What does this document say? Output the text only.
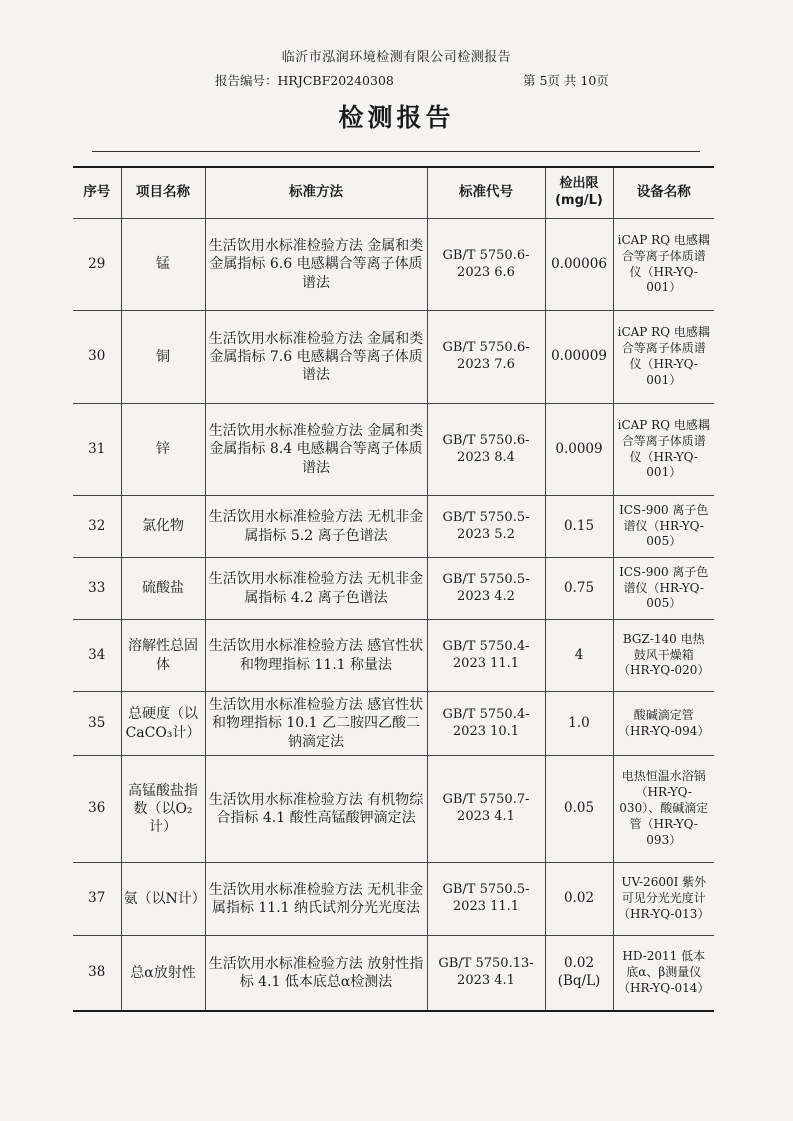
临沂市泓润环境检测有限公司检测报告
报告编号：HRJCBF20240308	第 5页 共 10页
检测报告
序号	项目名称	标准方法	标准代号	检出限 (mg/L)	设备名称
29	锰	生活饮用水标准检验方法 金属和类金属指标 6.6 电感耦合等离子体质谱法	GB/T 5750.6-2023 6.6	0.00006	iCAP RQ 电感耦合等离子体质谱仪（HR-YQ-001）
30	铜	生活饮用水标准检验方法 金属和类金属指标 7.6 电感耦合等离子体质谱法	GB/T 5750.6-2023 7.6	0.00009	iCAP RQ 电感耦合等离子体质谱仪（HR-YQ-001）
31	锌	生活饮用水标准检验方法 金属和类金属指标 8.4 电感耦合等离子体质谱法	GB/T 5750.6-2023 8.4	0.0009	iCAP RQ 电感耦合等离子体质谱仪（HR-YQ-001）
32	氯化物	生活饮用水标准检验方法 无机非金属指标 5.2 离子色谱法	GB/T 5750.5-2023 5.2	0.15	ICS-900 离子色谱仪（HR-YQ-005）
33	硫酸盐	生活饮用水标准检验方法 无机非金属指标 4.2 离子色谱法	GB/T 5750.5-2023 4.2	0.75	ICS-900 离子色谱仪（HR-YQ-005）
34	溶解性总固体	生活饮用水标准检验方法 感官性状和物理指标 11.1 称量法	GB/T 5750.4-2023 11.1	4	BGZ-140 电热鼓风干燥箱（HR-YQ-020）
35	总硬度（以CaCO₃计）	生活饮用水标准检验方法 感官性状和物理指标 10.1 乙二胺四乙酸二钠滴定法	GB/T 5750.4-2023 10.1	1.0	酸碱滴定管（HR-YQ-094）
36	高锰酸盐指数（以O₂计）	生活饮用水标准检验方法 有机物综合指标 4.1 酸性高锰酸钾滴定法	GB/T 5750.7-2023 4.1	0.05	电热恒温水浴锅（HR-YQ-030）、酸碱滴定管（HR-YQ-093）
37	氨（以N计）	生活饮用水标准检验方法 无机非金属指标 11.1 纳氏试剂分光光度法	GB/T 5750.5-2023 11.1	0.02	UV-2600I 紫外可见分光光度计（HR-YQ-013）
38	总α放射性	生活饮用水标准检验方法 放射性指标 4.1 低本底总α检测法	GB/T 5750.13-2023 4.1	0.02 (Bq/L)	HD-2011 低本底α、β测量仪（HR-YQ-014）
